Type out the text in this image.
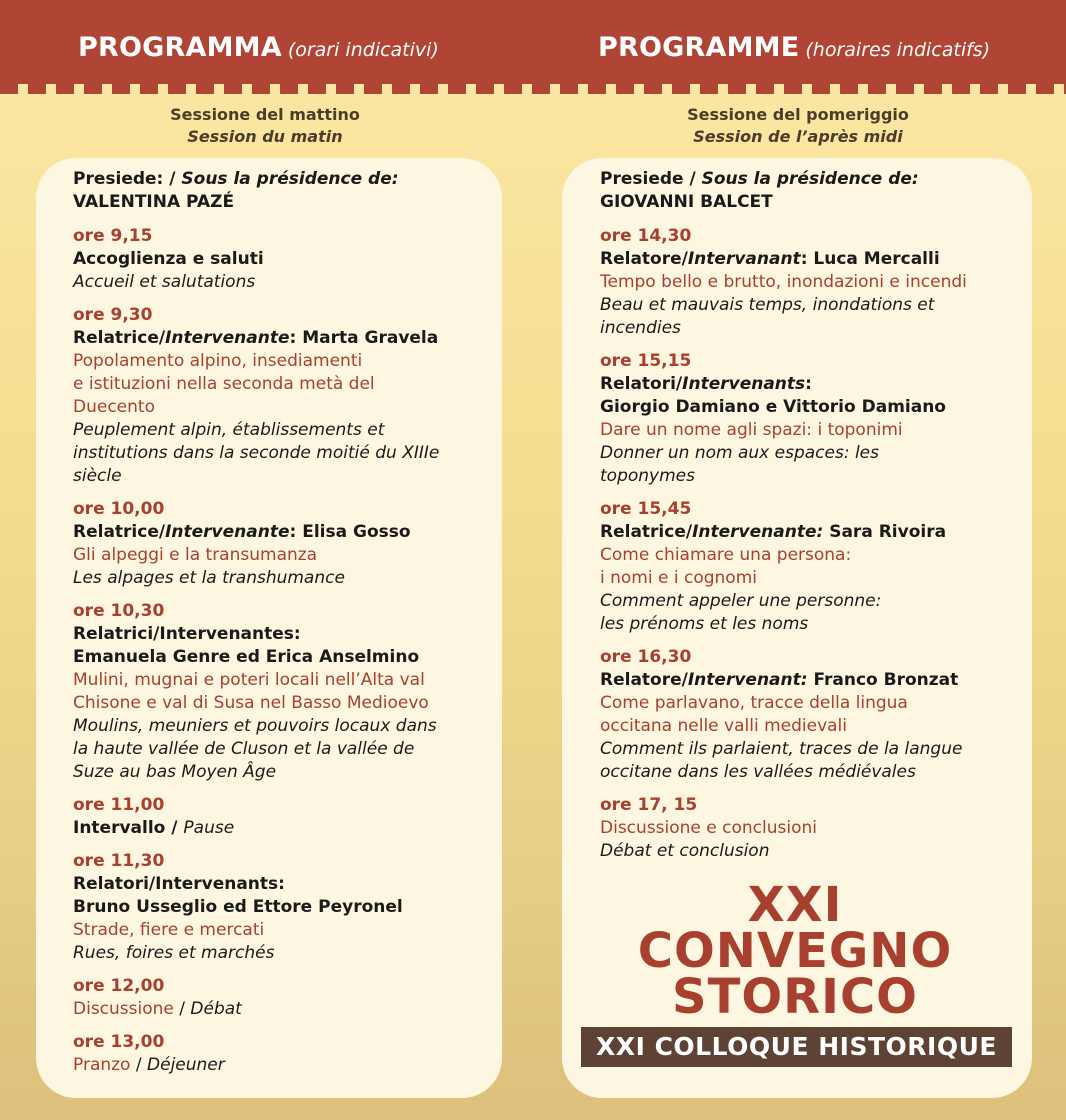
PROGRAMMA (orari indicativi)	PROGRAMME (horaires indicatifs)
Sessione del mattino
Session du matin
Sessione del pomeriggio
Session de l’après midi
Presiede: / Sous la présidence de:
VALENTINA PAZÉ
ore 9,15
Accoglienza e saluti
Accueil et salutations
ore 9,30
Relatrice/Intervenante: Marta Gravela
Popolamento alpino, insediamenti
e istituzioni nella seconda metà del
Duecento
Peuplement alpin, établissements et
institutions dans la seconde moitié du XIIIe
siècle
ore 10,00
Relatrice/Intervenante: Elisa Gosso
Gli alpeggi e la transumanza
Les alpages et la transhumance
ore 10,30
Relatrici/Intervenantes:
Emanuela Genre ed Erica Anselmino
Mulini, mugnai e poteri locali nell’Alta val
Chisone e val di Susa nel Basso Medioevo
Moulins, meuniers et pouvoirs locaux dans
la haute vallée de Cluson et la vallée de
Suze au bas Moyen Âge
ore 11,00
Intervallo / Pause
ore 11,30
Relatori/Intervenants:
Bruno Usseglio ed Ettore Peyronel
Strade, fiere e mercati
Rues, foires et marchés
ore 12,00
Discussione / Débat
ore 13,00
Pranzo / Déjeuner
Presiede / Sous la présidence de:
GIOVANNI BALCET
ore 14,30
Relatore/Intervanant: Luca Mercalli
Tempo bello e brutto, inondazioni e incendi
Beau et mauvais temps, inondations et
incendies
ore 15,15
Relatori/Intervenants:
Giorgio Damiano e Vittorio Damiano
Dare un nome agli spazi: i toponimi
Donner un nom aux espaces: les
toponymes
ore 15,45
Relatrice/Intervenante: Sara Rivoira
Come chiamare una persona:
i nomi e i cognomi
Comment appeler une personne:
les prénoms et les noms
ore 16,30
Relatore/Intervenant: Franco Bronzat
Come parlavano, tracce della lingua
occitana nelle valli medievali
Comment ils parlaient, traces de la langue
occitane dans les vallées médiévales
ore 17, 15
Discussione e conclusioni
Débat et conclusion
XXI
CONVEGNO
STORICO
XXI COLLOQUE HISTORIQUE
